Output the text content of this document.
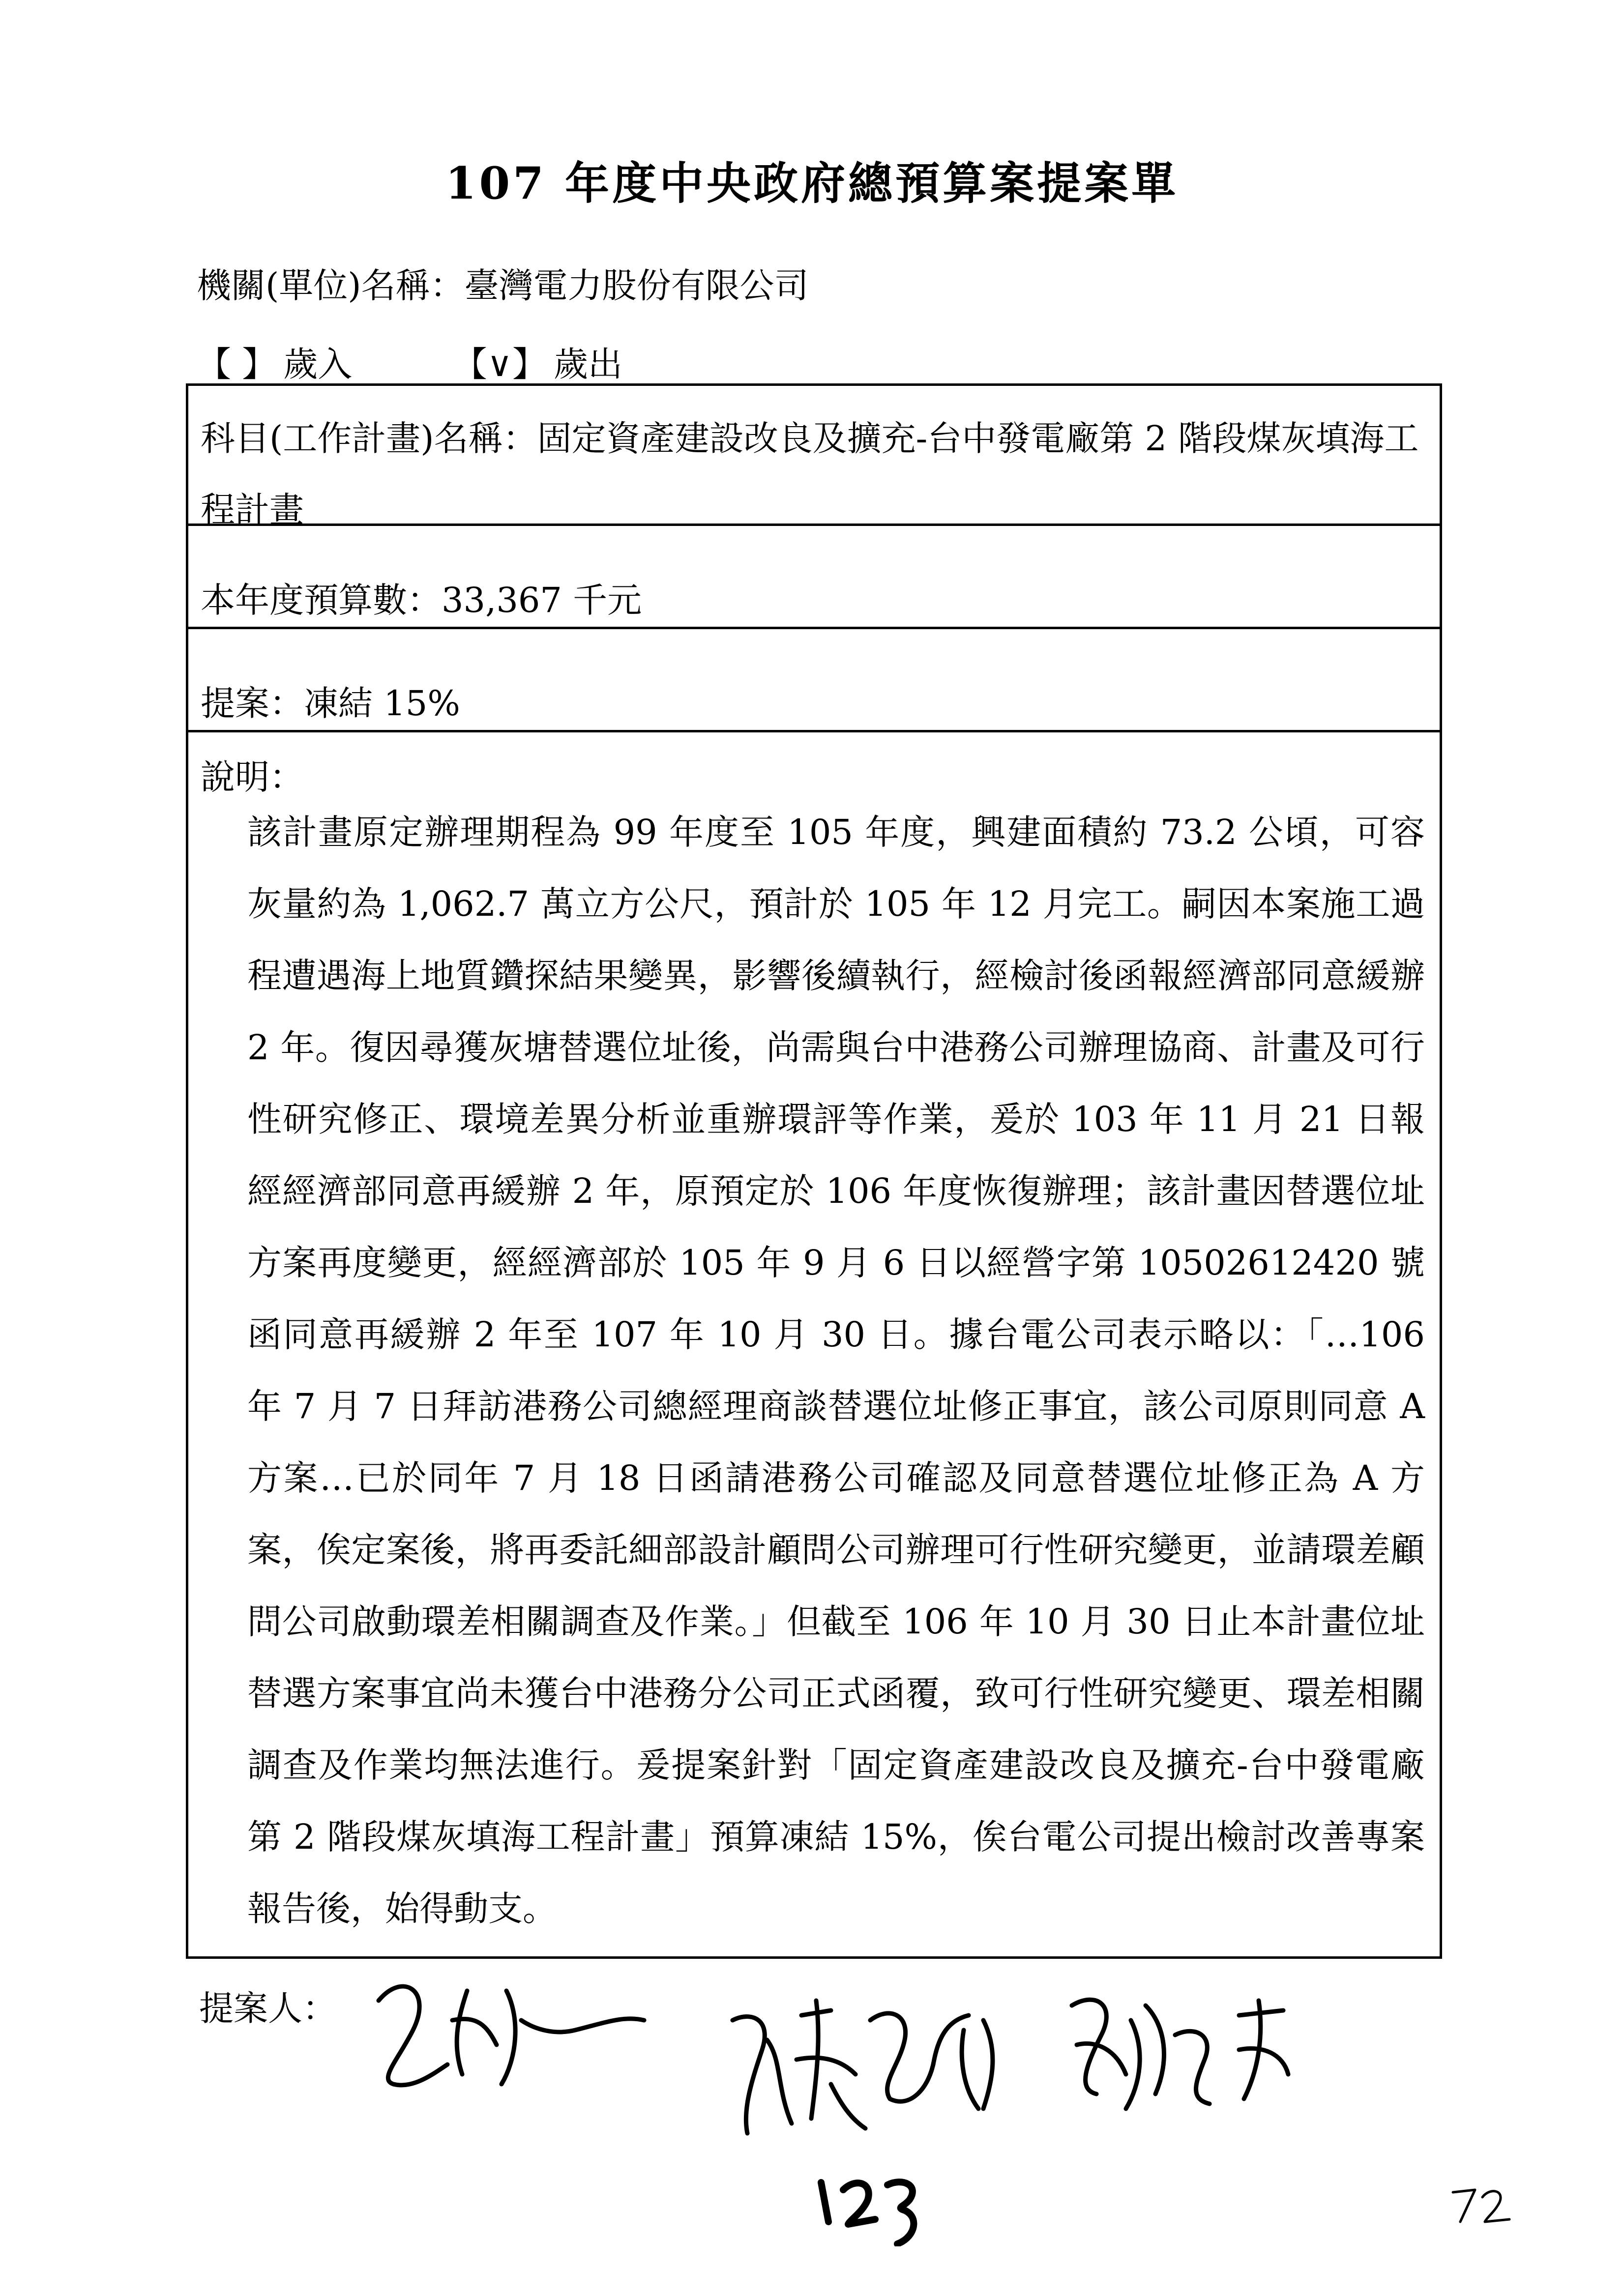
107 年度中央政府總預算案提案單
機關(單位)名稱：臺灣電力股份有限公司
【 】 歲入	【∨】 歲出
科目(工作計畫)名稱：固定資產建設改良及擴充-台中發電廠第 2 階段煤灰填海工程計畫
本年度預算數：33,367 千元
提案：凍結 15%
說明：
該計畫原定辦理期程為 99 年度至 105 年度，興建面積約 73.2 公頃，可容灰量約為 1,062.7 萬立方公尺，預計於 105 年 12 月完工。嗣因本案施工過程遭遇海上地質鑽探結果變異，影響後續執行，經檢討後函報經濟部同意緩辦 2 年。復因尋獲灰塘替選位址後，尚需與台中港務公司辦理協商、計畫及可行性研究修正、環境差異分析並重辦環評等作業，爰於 103 年 11 月 21 日報經經濟部同意再緩辦 2 年，原預定於 106 年度恢復辦理；該計畫因替選位址方案再度變更，經經濟部於 105 年 9 月 6 日以經營字第 10502612420 號函同意再緩辦 2 年至 107 年 10 月 30 日。據台電公司表示略以：「…106 年 7 月 7 日拜訪港務公司總經理商談替選位址修正事宜，該公司原則同意 A 方案…已於同年 7 月 18 日函請港務公司確認及同意替選位址修正為 A 方案，俟定案後，將再委託細部設計顧問公司辦理可行性研究變更，並請環差顧問公司啟動環差相關調查及作業。」但截至 106 年 10 月 30 日止本計畫位址替選方案事宜尚未獲台中港務分公司正式函覆，致可行性研究變更、環差相關調查及作業均無法進行。爰提案針對「固定資產建設改良及擴充-台中發電廠第 2 階段煤灰填海工程計畫」預算凍結 15%，俟台電公司提出檢討改善專案報告後，始得動支。
提案人：
